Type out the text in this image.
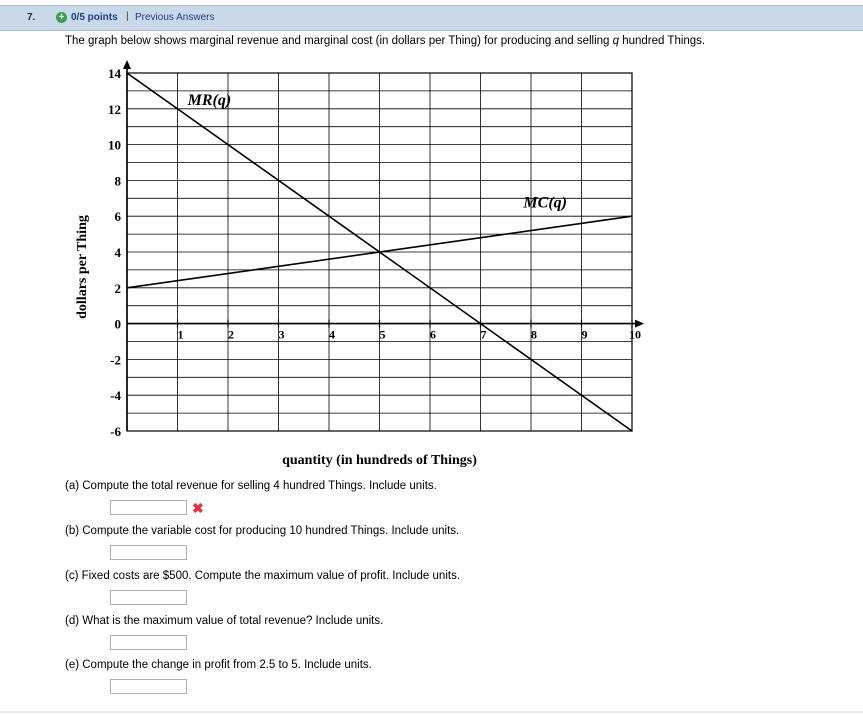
7. + 0/5 points | Previous Answers
The graph below shows marginal revenue and marginal cost (in dollars per Thing) for producing and selling q hundred Things.
14
12
10
8
6
4
2
0
-2
-4
-6
1	2	3	4	5	6	7	8	9	10
MR(q)
MC(q)
quantity (in hundreds of Things)
dollars per Thing
(a) Compute the total revenue for selling 4 hundred Things. Include units.
✖
(b) Compute the variable cost for producing 10 hundred Things. Include units.
(c) Fixed costs are $500. Compute the maximum value of profit. Include units.
(d) What is the maximum value of total revenue? Include units.
(e) Compute the change in profit from 2.5 to 5. Include units.
